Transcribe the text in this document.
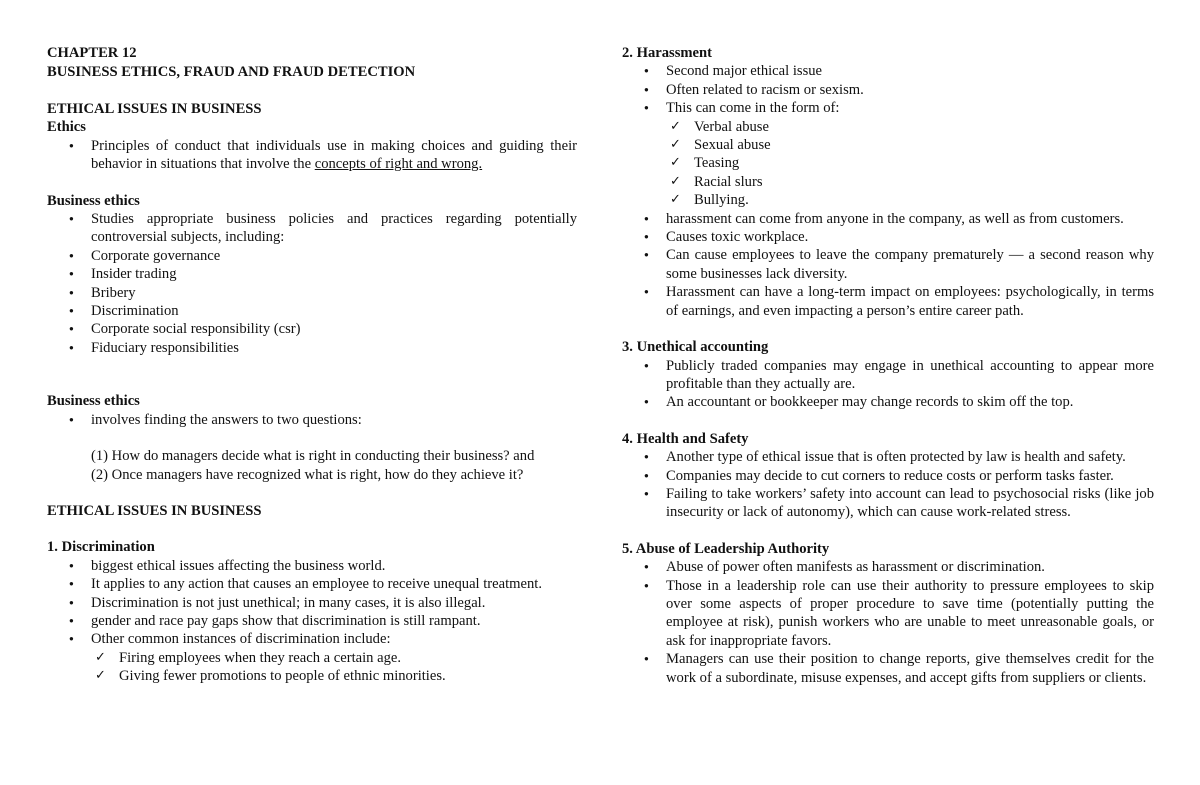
CHAPTER 12

BUSINESS ETHICS, FRAUD AND FRAUD DETECTION

ETHICAL ISSUES IN BUSINESS

Ethics

● Principles of conduct that individuals use in making choices and guiding their behavior in situations that involve the concepts of right and wrong.

Business ethics

● Studies appropriate business policies and practices regarding potentially controversial subjects, including:
● Corporate governance
● Insider trading
● Bribery
● Discrimination
● Corporate social responsibility (csr)
● Fiduciary responsibilities

Business ethics

● involves finding the answers to two questions:

(1) How do managers decide what is right in conducting their business? and

(2) Once managers have recognized what is right, how do they achieve it?

ETHICAL ISSUES IN BUSINESS

1. Discrimination

● biggest ethical issues affecting the business world.
● It applies to any action that causes an employee to receive unequal treatment.
● Discrimination is not just unethical; in many cases, it is also illegal.
● gender and race pay gaps show that discrimination is still rampant.
● Other common instances of discrimination include:
✓ Firing employees when they reach a certain age.
✓ Giving fewer promotions to people of ethnic minorities.

2. Harassment

● Second major ethical issue
● Often related to racism or sexism.
● This can come in the form of:
✓ Verbal abuse
✓ Sexual abuse
✓ Teasing
✓ Racial slurs
✓ Bullying.
● harassment can come from anyone in the company, as well as from customers.
● Causes toxic workplace.
● Can cause employees to leave the company prematurely — a second reason why some businesses lack diversity.
● Harassment can have a long-term impact on employees: psychologically, in terms of earnings, and even impacting a person’s entire career path.

3. Unethical accounting

● Publicly traded companies may engage in unethical accounting to appear more profitable than they actually are.
● An accountant or bookkeeper may change records to skim off the top.

4. Health and Safety

● Another type of ethical issue that is often protected by law is health and safety.
● Companies may decide to cut corners to reduce costs or perform tasks faster.
● Failing to take workers’ safety into account can lead to psychosocial risks (like job insecurity or lack of autonomy), which can cause work-related stress.

5. Abuse of Leadership Authority

● Abuse of power often manifests as harassment or discrimination.
● Those in a leadership role can use their authority to pressure employees to skip over some aspects of proper procedure to save time (potentially putting the employee at risk), punish workers who are unable to meet unreasonable goals, or ask for inappropriate favors.
● Managers can use their position to change reports, give themselves credit for the work of a subordinate, misuse expenses, and accept gifts from suppliers or clients.
